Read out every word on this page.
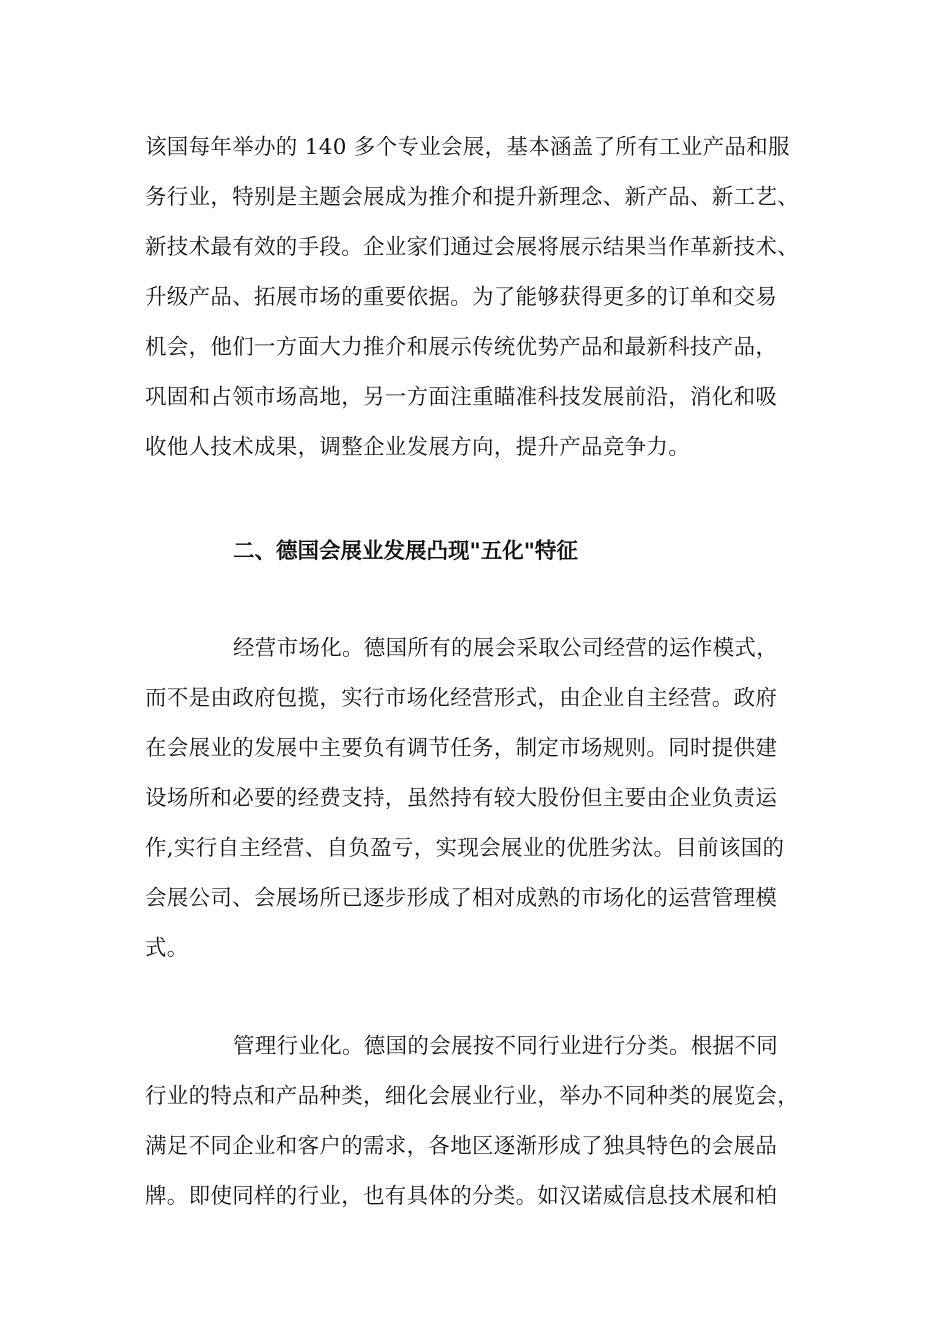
该国每年举办的 140 多个专业会展，基本涵盖了所有工业产品和服
务行业，特别是主题会展成为推介和提升新理念、新产品、新工艺、
新技术最有效的手段。企业家们通过会展将展示结果当作革新技术、
升级产品、拓展市场的重要依据。为了能够获得更多的订单和交易
机会，他们一方面大力推介和展示传统优势产品和最新科技产品，
巩固和占领市场高地，另一方面注重瞄准科技发展前沿，消化和吸
收他人技术成果，调整企业发展方向，提升产品竞争力。
二、德国会展业发展凸现"五化"特征
经营市场化。德国所有的展会采取公司经营的运作模式，
而不是由政府包揽，实行市场化经营形式，由企业自主经营。政府
在会展业的发展中主要负有调节任务，制定市场规则。同时提供建
设场所和必要的经费支持，虽然持有较大股份但主要由企业负责运
作,实行自主经营、自负盈亏，实现会展业的优胜劣汰。目前该国的
会展公司、会展场所已逐步形成了相对成熟的市场化的运营管理模
式。
管理行业化。德国的会展按不同行业进行分类。根据不同
行业的特点和产品种类，细化会展业行业，举办不同种类的展览会，
满足不同企业和客户的需求，各地区逐渐形成了独具特色的会展品
牌。即使同样的行业，也有具体的分类。如汉诺威信息技术展和柏
